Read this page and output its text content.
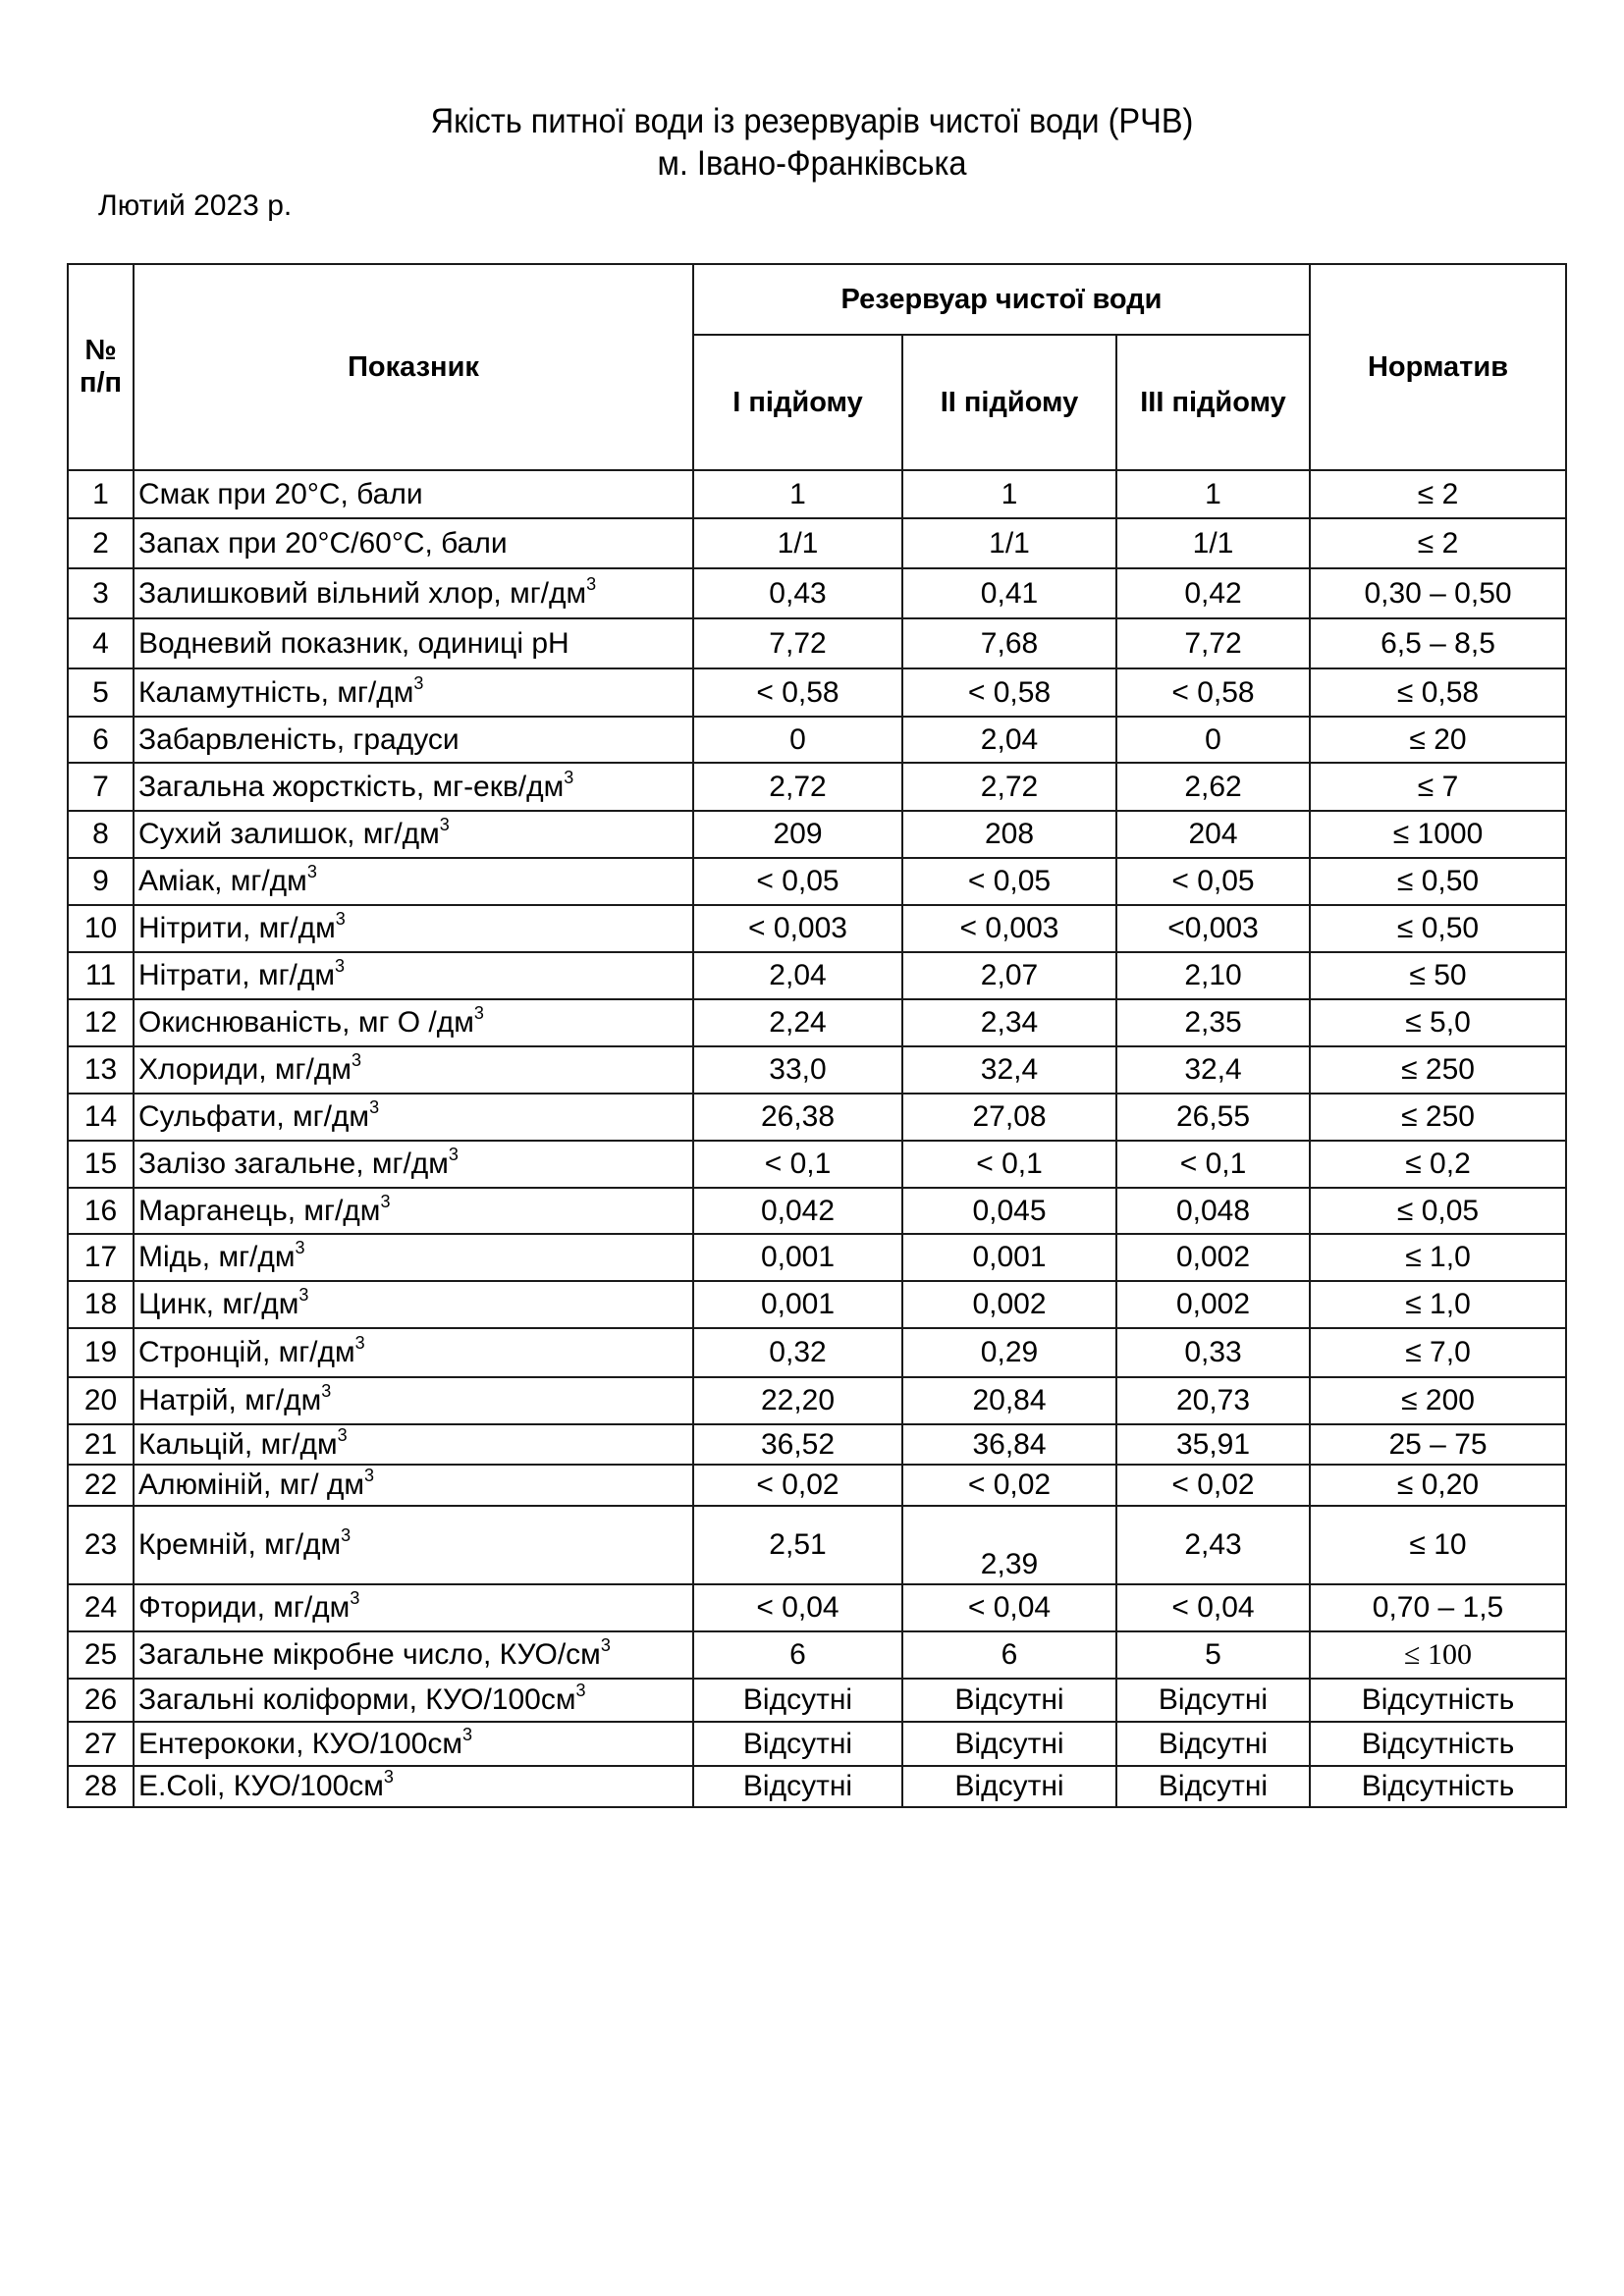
Якість питної води із резервуарів чистої води (РЧВ)
м. Івано-Франківська
Лютий 2023 р.
№ п/п	Показник	Резервуар чистої води			Норматив
		І підйому	ІІ підйому	ІІІ підйому	
1	Смак при 20°С, бали	1	1	1	≤ 2
2	Запах при 20°С/60°С, бали	1/1	1/1	1/1	≤ 2
3	Залишковий вільний хлор, $мг/дм^3$	0,43	0,41	0,42	0,30 – 0,50
4	Водневий показник, одиниці рН	7,72	7,68	7,72	6,5 – 8,5
5	Каламутність, $мг/дм^3$	< 0,58	< 0,58	< 0,58	≤ 0,58
6	Забарвленість, градуси	0	2,04	0	≤ 20
7	Загальна жорсткість, $мг-екв/дм^3$	2,72	2,72	2,62	≤ 7
8	Сухий залишок, $мг/дм^3$	209	208	204	≤ 1000
9	Аміак, $мг/дм^3$	< 0,05	< 0,05	< 0,05	≤ 0,50
10	Нітрити, $мг/дм^3$	< 0,003	< 0,003	<0,003	≤ 0,50
11	Нітрати, $мг/дм^3$	2,04	2,07	2,10	≤ 50
12	Окиснюваність, мг О $/дм^3$	2,24	2,34	2,35	≤ 5,0
13	Хлориди, $мг/дм^3$	33,0	32,4	32,4	≤ 250
14	Сульфати, $мг/дм^3$	26,38	27,08	26,55	≤ 250
15	Залізо загальне, $мг/дм^3$	< 0,1	< 0,1	< 0,1	≤ 0,2
16	Марганець, $мг/дм^3$	0,042	0,045	0,048	≤ 0,05
17	Мідь, $мг/дм^3$	0,001	0,001	0,002	≤ 1,0
18	Цинк, $мг/дм^3$	0,001	0,002	0,002	≤ 1,0
19	Стронцій, $мг/дм^3$	0,32	0,29	0,33	≤ 7,0
20	Натрій, $мг/дм^3$	22,20	20,84	20,73	≤ 200
21	Кальцій, $мг/дм^3$	36,52	36,84	35,91	25 – 75
22	Алюміній, мг/ $дм^3$	< 0,02	< 0,02	< 0,02	≤ 0,20
23	Кремній, $мг/дм^3$	2,51	2,39	2,43	≤ 10
24	Фториди, $мг/дм^3$	< 0,04	< 0,04	< 0,04	0,70 – 1,5
25	Загальне мікробне число, КУО/$см^3$	6	6	5	≤ 100
26	Загальні коліформи, КУО/$100см^3$	Відсутні	Відсутні	Відсутні	Відсутність
27	Ентерококи, КУО/$100см^3$	Відсутні	Відсутні	Відсутні	Відсутність
28	E.Coli, КУО/$100см^3$	Відсутні	Відсутні	Відсутні	Відсутність
